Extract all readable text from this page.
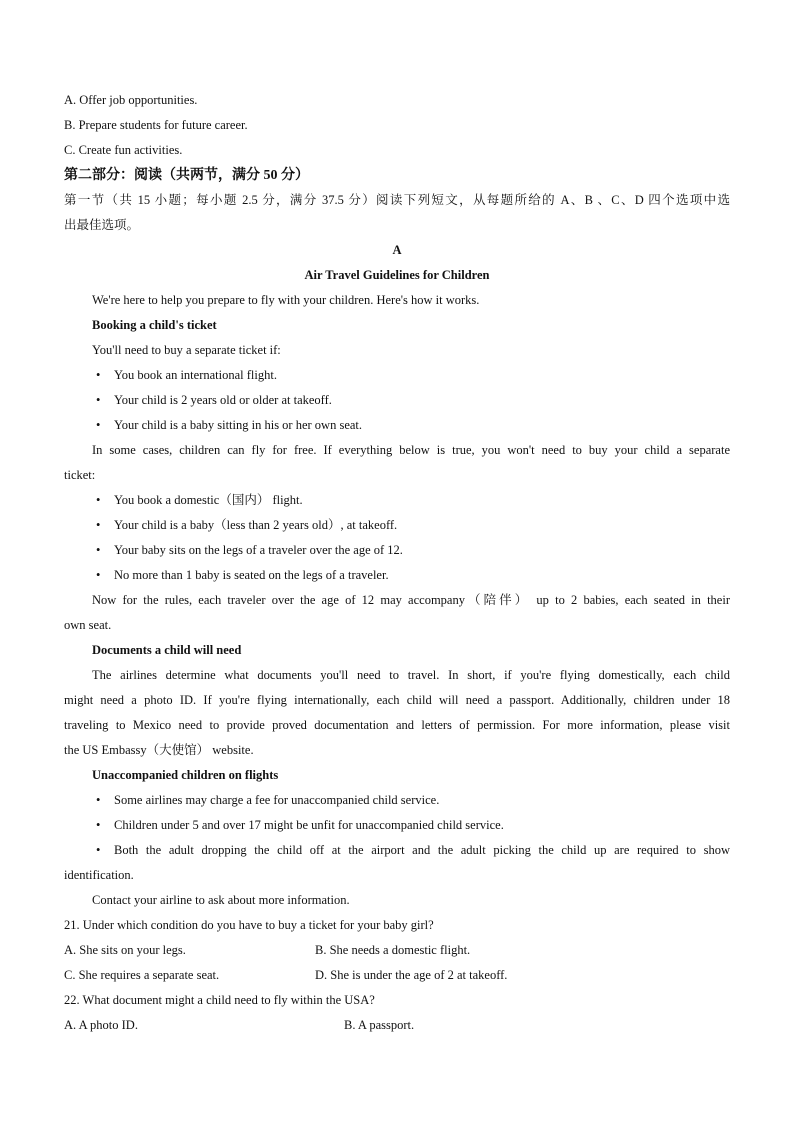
A. Offer job opportunities.
B. Prepare students for future career.
C. Create fun activities.
第二部分：阅读（共两节，满分 50 分）
第一节（共 15 小题；每小题 2.5 分，满分 37.5 分）阅读下列短文，从每题所给的 A、B 、C、D 四个选项中选
出最佳选项。
A
Air Travel Guidelines for Children
We're here to help you prepare to fly with your children. Here's how it works.
Booking a child's ticket
You'll need to buy a separate ticket if:
• You book an international flight.
• Your child is 2 years old or older at takeoff.
• Your child is a baby sitting in his or her own seat.
In some cases, children can fly for free. If everything below is true, you won't need to buy your child a separate
ticket:
• You book a domestic（国内） flight.
• Your child is a baby（less than 2 years old）, at takeoff.
• Your baby sits on the legs of a traveler over the age of 12.
• No more than 1 baby is seated on the legs of a traveler.
Now for the rules, each traveler over the age of 12 may accompany（陪伴） up to 2 babies, each seated in their
own seat.
Documents a child will need
The airlines determine what documents you'll need to travel. In short, if you're flying domestically, each child
might need a photo ID. If you're flying internationally, each child will need a passport. Additionally, children under 18
traveling to Mexico need to provide proved documentation and letters of permission. For more information, please visit
the US Embassy（大使馆） website.
Unaccompanied children on flights
• Some airlines may charge a fee for unaccompanied child service.
• Children under 5 and over 17 might be unfit for unaccompanied child service.
•	Both the adult dropping the child off at the airport and the adult picking the child up are required to show
identification.
Contact your airline to ask about more information.
21. Under which condition do you have to buy a ticket for your baby girl?
A. She sits on your legs.	B. She needs a domestic flight.
C. She requires a separate seat.	D. She is under the age of 2 at takeoff.
22. What document might a child need to fly within the USA?
A. A photo ID.	B. A passport.
